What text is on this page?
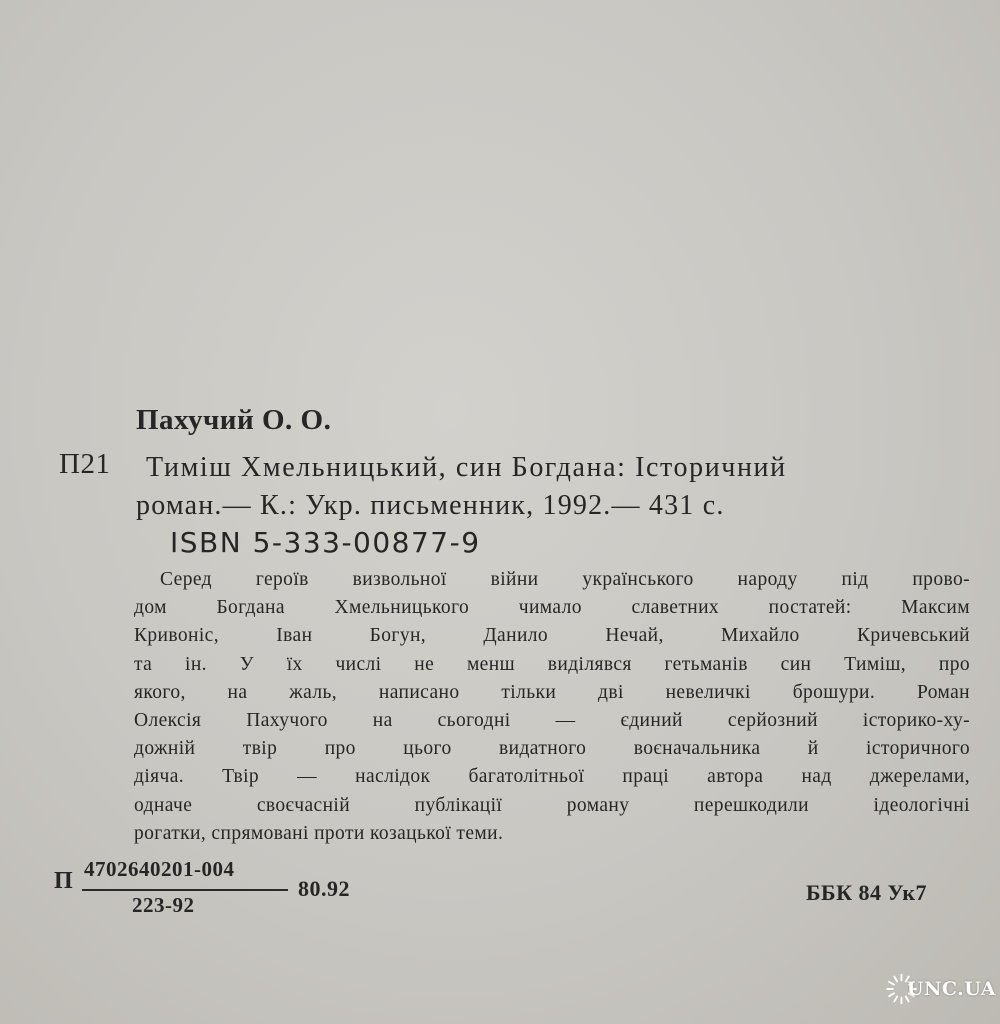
Пахучий О. О.
П21 Тиміш Хмельницький, син Богдана: Історичний
роман.— К.: Укр. письменник, 1992.— 431 с.
ISBN 5-333-00877-9
Серед героїв визвольної війни українського народу під прово-
дом Богдана Хмельницького чимало славетних постатей: Максим
Кривоніс, Іван Богун, Данило Нечай, Михайло Кричевський
та ін. У їх числі не менш виділявся гетьманів син Тиміш, про
якого, на жаль, написано тільки дві невеличкі брошури. Роман
Олексія Пахучого на сьогодні — єдиний серйозний історико-ху-
дожній твір про цього видатного воєначальника й історичного
діяча. Твір — наслідок багатолітньої праці автора над джерелами,
одначе своєчасній публікації роману перешкодили ідеологічні
рогатки, спрямовані проти козацької теми.
П 4702640201-004
223-92
80.92	ББК 84 Ук7
UNC.UA
